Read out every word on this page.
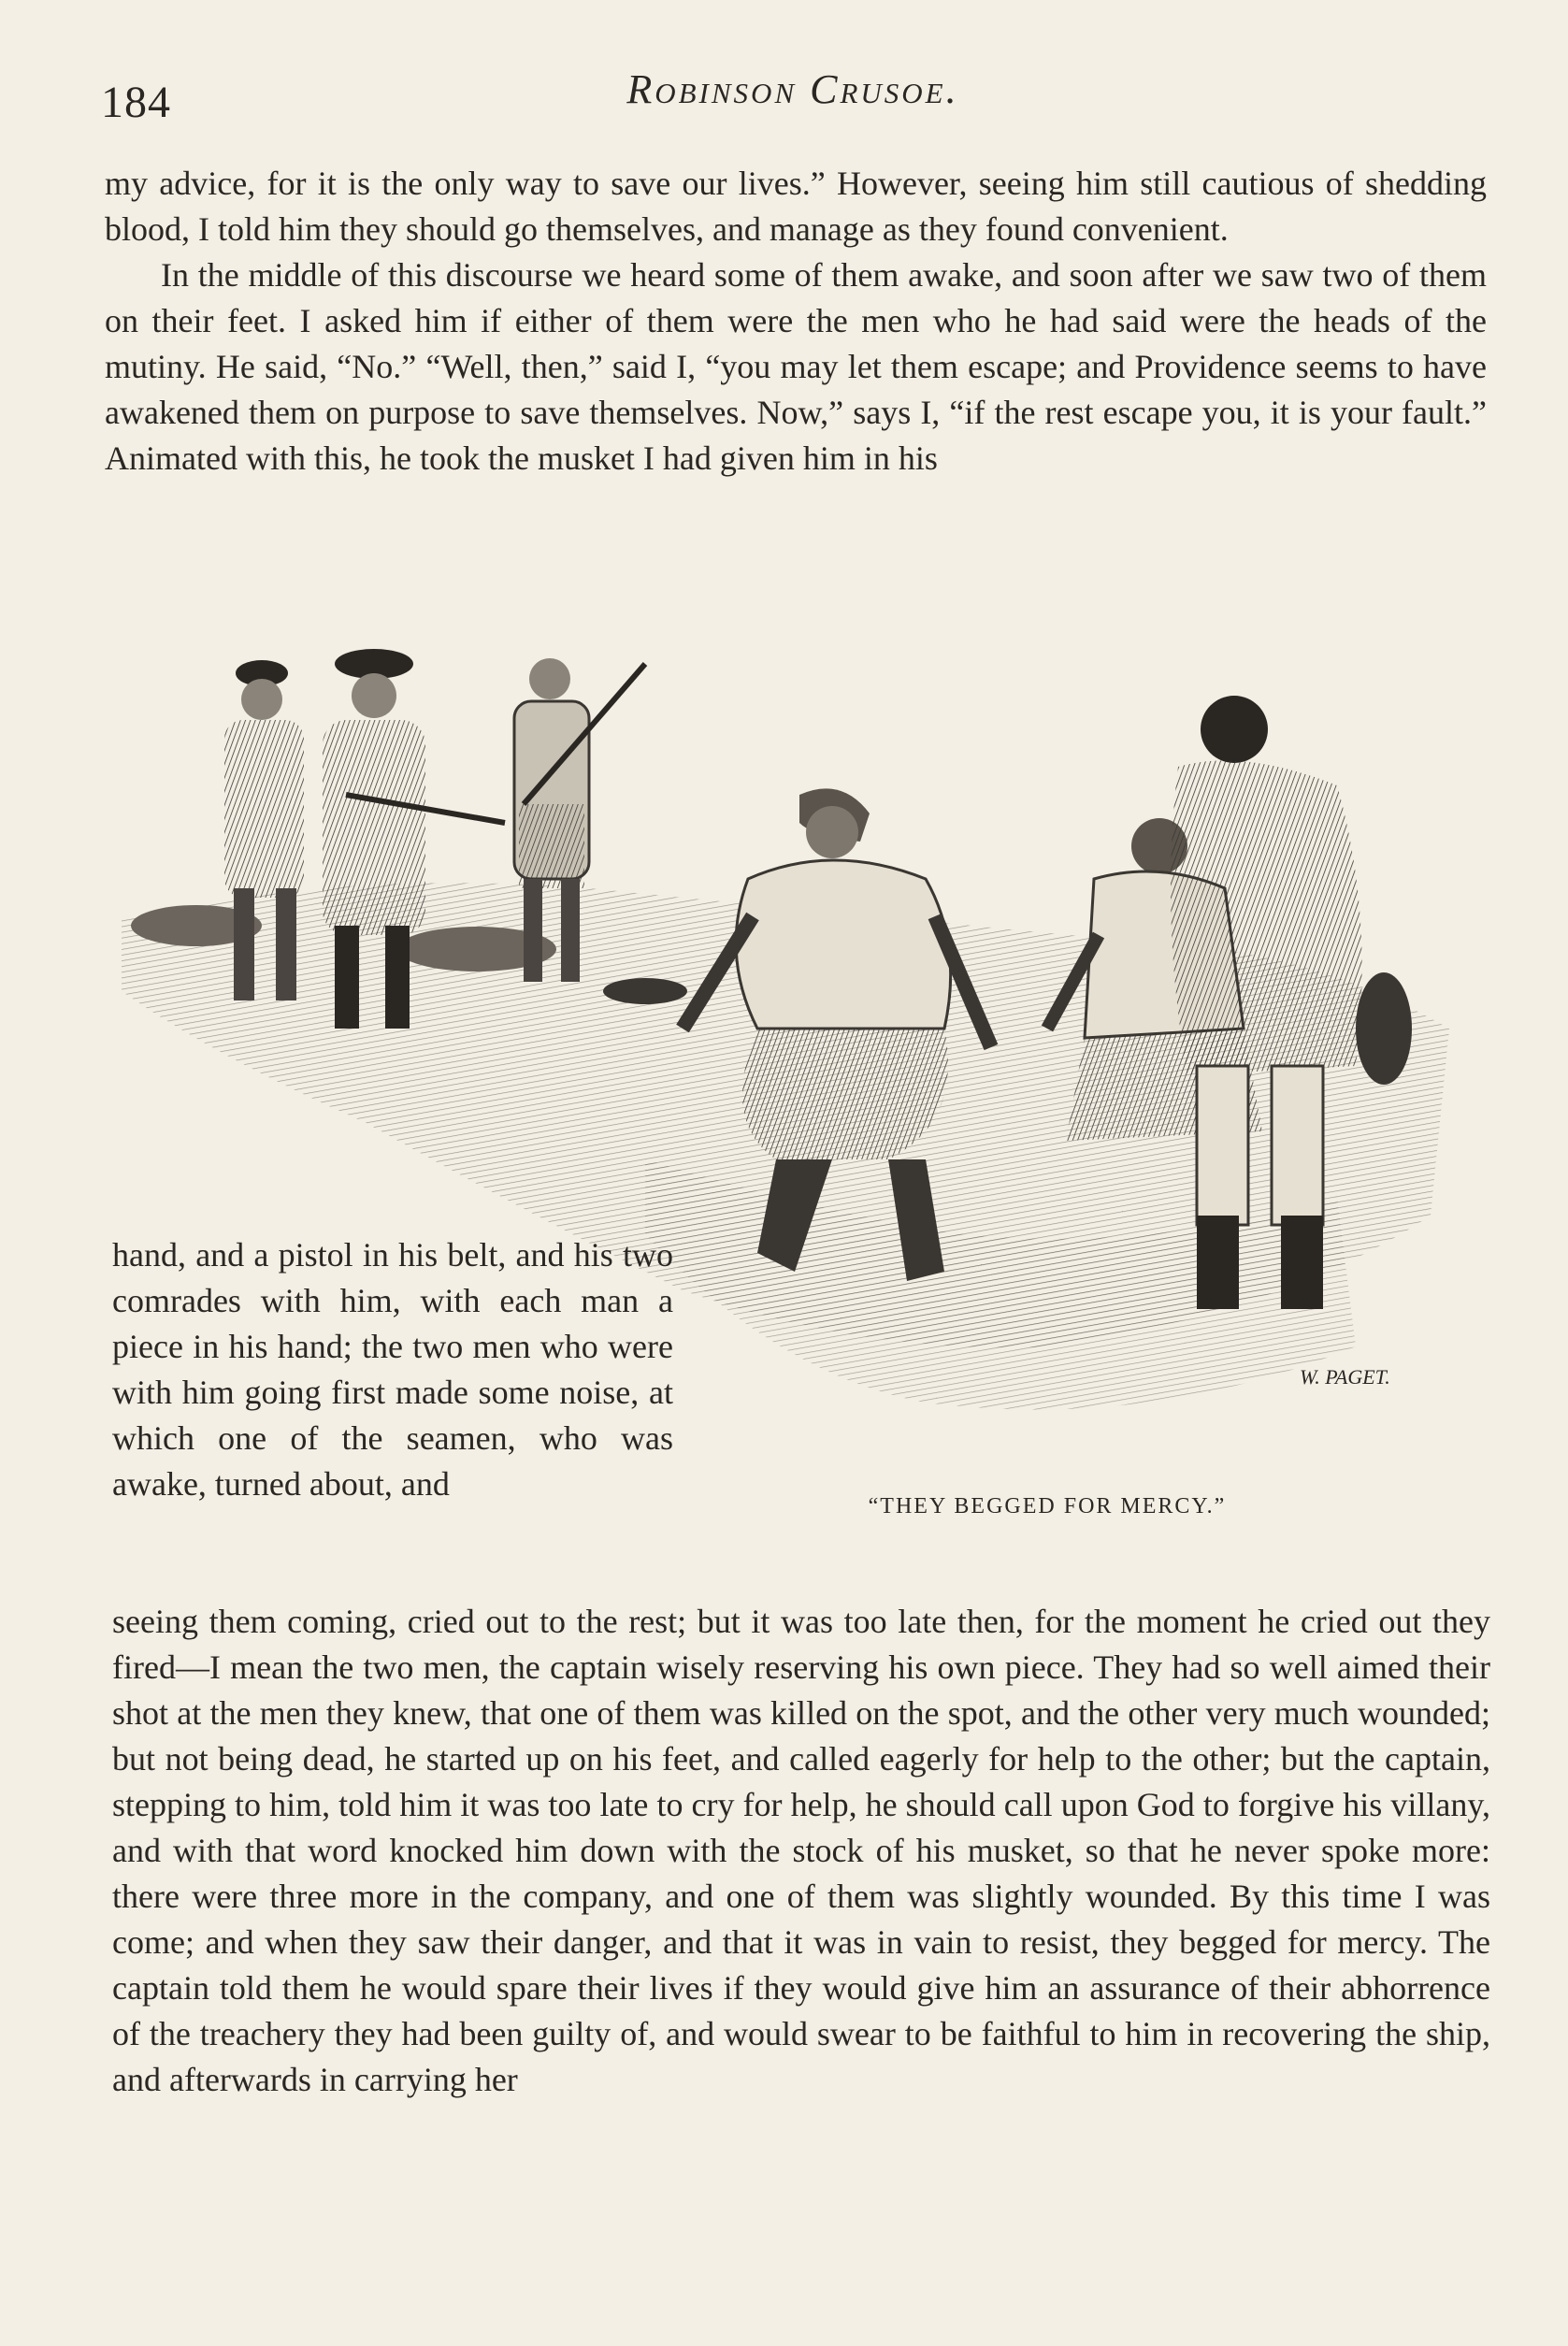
184	Robinson Crusoe.

my advice, for it is the only way to save our lives.” However, seeing him still cautious of shedding blood, I told him they should go themselves, and manage as they found convenient.

In the middle of this discourse we heard some of them awake, and soon after we saw two of them on their feet. I asked him if either of them were the men who he had said were the heads of the mutiny. He said, “No.” “Well, then,” said I, “you may let them escape; and Providence seems to have awakened them on purpose to save themselves. Now,” says I, “if the rest escape you, it is your fault.” Animated with this, he took the musket I had given him in his

W. PAGET.

hand, and a pistol in his belt, and his two comrades with him, with each man a piece in his hand; the two men who were with him going first made some noise, at which one of the seamen, who was awake, turned about, and

“THEY BEGGED FOR MERCY.”

seeing them coming, cried out to the rest; but it was too late then, for the moment he cried out they fired—I mean the two men, the captain wisely reserving his own piece. They had so well aimed their shot at the men they knew, that one of them was killed on the spot, and the other very much wounded; but not being dead, he started up on his feet, and called eagerly for help to the other; but the captain, stepping to him, told him it was too late to cry for help, he should call upon God to forgive his villany, and with that word knocked him down with the stock of his musket, so that he never spoke more: there were three more in the company, and one of them was slightly wounded. By this time I was come; and when they saw their danger, and that it was in vain to resist, they begged for mercy. The captain told them he would spare their lives if they would give him an assurance of their abhorrence of the treachery they had been guilty of, and would swear to be faithful to him in recovering the ship, and afterwards in carrying her
